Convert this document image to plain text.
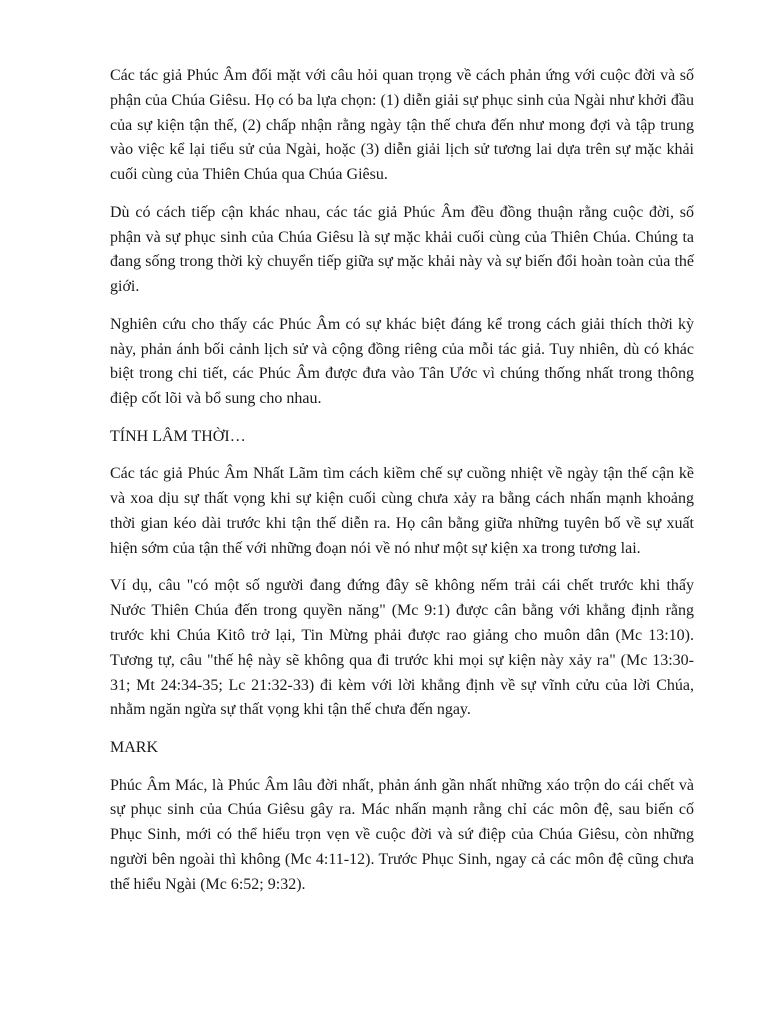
Các tác giả Phúc Âm đối mặt với câu hỏi quan trọng về cách phản ứng với cuộc đời và số phận của Chúa Giêsu. Họ có ba lựa chọn: (1) diễn giải sự phục sinh của Ngài như khởi đầu của sự kiện tận thế, (2) chấp nhận rằng ngày tận thế chưa đến như mong đợi và tập trung vào việc kể lại tiểu sử của Ngài, hoặc (3) diễn giải lịch sử tương lai dựa trên sự mặc khải cuối cùng của Thiên Chúa qua Chúa Giêsu.

Dù có cách tiếp cận khác nhau, các tác giả Phúc Âm đều đồng thuận rằng cuộc đời, số phận và sự phục sinh của Chúa Giêsu là sự mặc khải cuối cùng của Thiên Chúa. Chúng ta đang sống trong thời kỳ chuyển tiếp giữa sự mặc khải này và sự biến đổi hoàn toàn của thế giới.

Nghiên cứu cho thấy các Phúc Âm có sự khác biệt đáng kể trong cách giải thích thời kỳ này, phản ánh bối cảnh lịch sử và cộng đồng riêng của mỗi tác giả. Tuy nhiên, dù có khác biệt trong chi tiết, các Phúc Âm được đưa vào Tân Ước vì chúng thống nhất trong thông điệp cốt lõi và bổ sung cho nhau.

TÍNH LÂM THỜI…

Các tác giả Phúc Âm Nhất Lãm tìm cách kiềm chế sự cuồng nhiệt về ngày tận thế cận kề và xoa dịu sự thất vọng khi sự kiện cuối cùng chưa xảy ra bằng cách nhấn mạnh khoảng thời gian kéo dài trước khi tận thế diễn ra. Họ cân bằng giữa những tuyên bố về sự xuất hiện sớm của tận thế với những đoạn nói về nó như một sự kiện xa trong tương lai.

Ví dụ, câu "có một số người đang đứng đây sẽ không nếm trải cái chết trước khi thấy Nước Thiên Chúa đến trong quyền năng" (Mc 9:1) được cân bằng với khẳng định rằng trước khi Chúa Kitô trở lại, Tin Mừng phải được rao giảng cho muôn dân (Mc 13:10). Tương tự, câu "thế hệ này sẽ không qua đi trước khi mọi sự kiện này xảy ra" (Mc 13:30-31; Mt 24:34-35; Lc 21:32-33) đi kèm với lời khẳng định về sự vĩnh cửu của lời Chúa, nhằm ngăn ngừa sự thất vọng khi tận thế chưa đến ngay.

MARK

Phúc Âm Mác, là Phúc Âm lâu đời nhất, phản ánh gần nhất những xáo trộn do cái chết và sự phục sinh của Chúa Giêsu gây ra. Mác nhấn mạnh rằng chỉ các môn đệ, sau biến cố Phục Sinh, mới có thể hiểu trọn vẹn về cuộc đời và sứ điệp của Chúa Giêsu, còn những người bên ngoài thì không (Mc 4:11-12). Trước Phục Sinh, ngay cả các môn đệ cũng chưa thể hiểu Ngài (Mc 6:52; 9:32).
